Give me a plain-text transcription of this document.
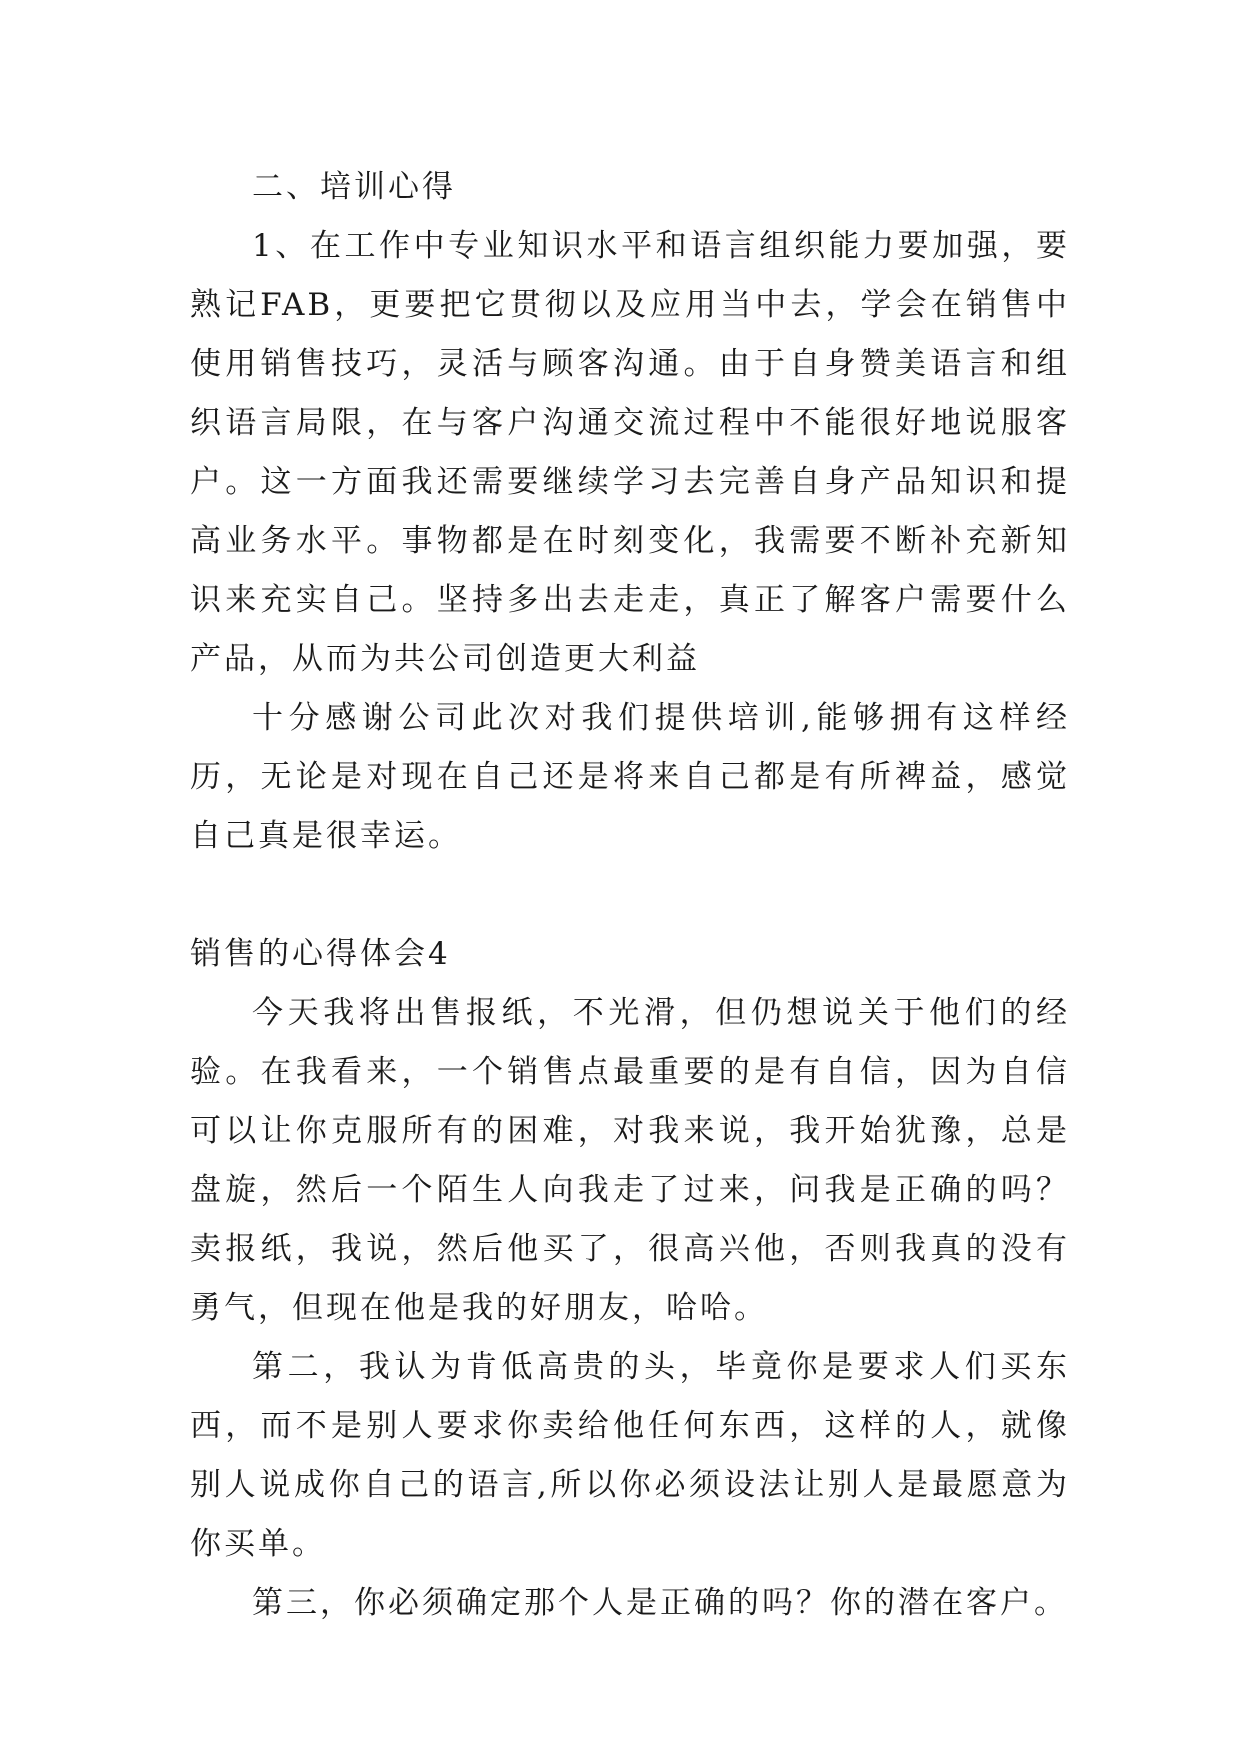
二、培训心得

1、在工作中专业知识水平和语言组织能力要加强，要熟记FAB，更要把它贯彻以及应用当中去，学会在销售中使用销售技巧，灵活与顾客沟通。由于自身赞美语言和组织语言局限，在与客户沟通交流过程中不能很好地说服客户。这一方面我还需要继续学习去完善自身产品知识和提高业务水平。事物都是在时刻变化，我需要不断补充新知识来充实自己。坚持多出去走走，真正了解客户需要什么产品，从而为共公司创造更大利益

十分感谢公司此次对我们提供培训,能够拥有这样经历，无论是对现在自己还是将来自己都是有所裨益，感觉自己真是很幸运。

销售的心得体会4

今天我将出售报纸，不光滑，但仍想说关于他们的经验。在我看来，一个销售点最重要的是有自信，因为自信可以让你克服所有的困难，对我来说，我开始犹豫，总是盘旋，然后一个陌生人向我走了过来，问我是正确的吗？卖报纸，我说，然后他买了，很高兴他，否则我真的没有勇气，但现在他是我的好朋友，哈哈。

第二，我认为肯低高贵的头，毕竟你是要求人们买东西，而不是别人要求你卖给他任何东西，这样的人，就像别人说成你自己的语言,所以你必须设法让别人是最愿意为你买单。

第三，你必须确定那个人是正确的吗？你的潜在客户。
